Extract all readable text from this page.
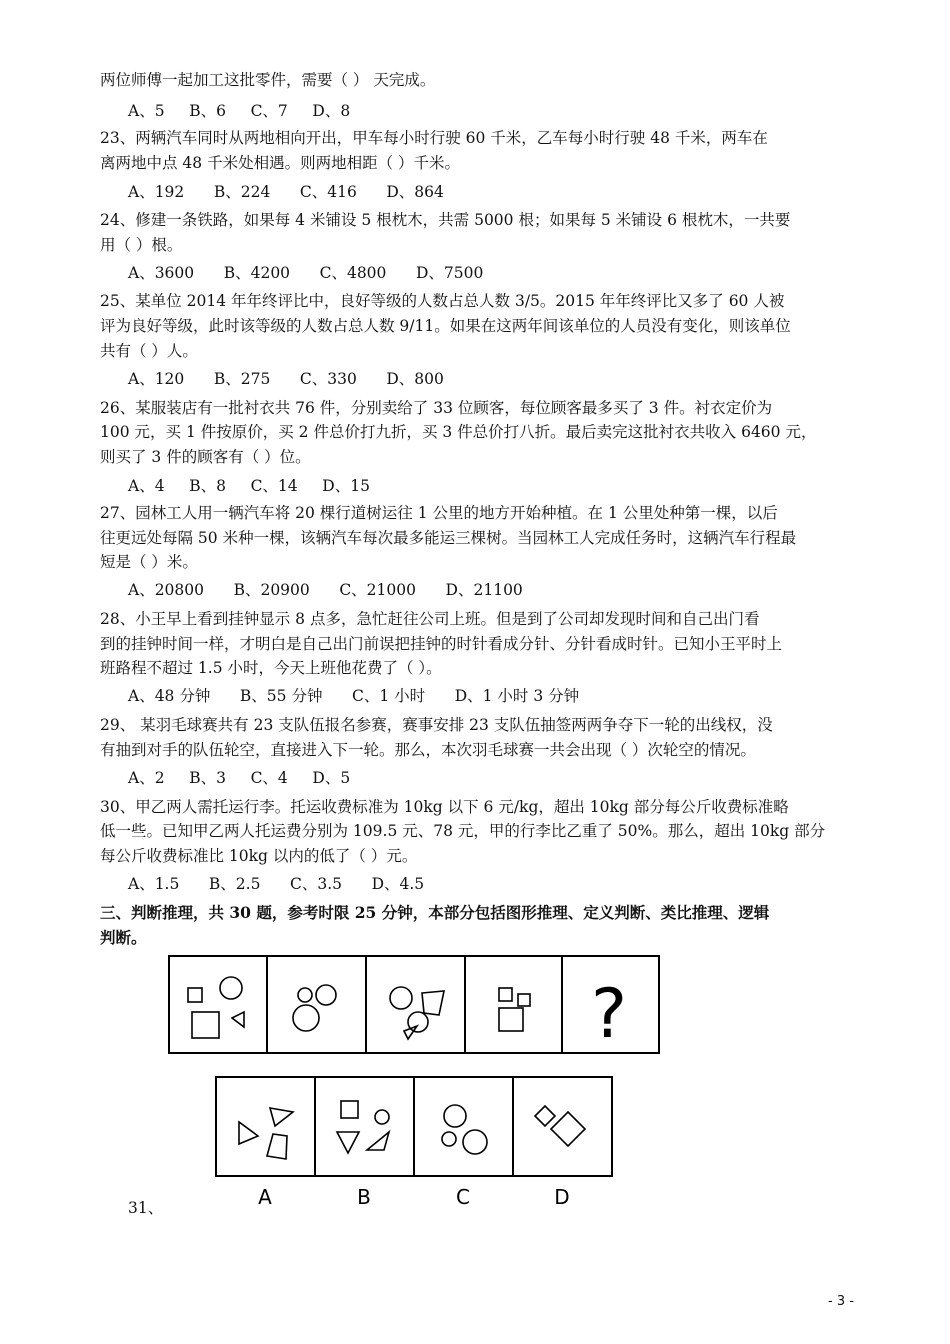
两位师傅一起加工这批零件，需要（ ） 天完成。
A、5     B、6     C、7     D、8
23、两辆汽车同时从两地相向开出，甲车每小时行驶 60 千米，乙车每小时行驶 48 千米，两车在
离两地中点 48 千米处相遇。则两地相距（ ）千米。
A、192      B、224      C、416      D、864
24、修建一条铁路，如果每 4 米铺设 5 根枕木，共需 5000 根；如果每 5 米铺设 6 根枕木，一共要
用（ ）根。
A、3600      B、4200      C、4800      D、7500
25、某单位 2014 年年终评比中，良好等级的人数占总人数 3/5。2015 年年终评比又多了 60 人被
评为良好等级，此时该等级的人数占总人数 9/11。如果在这两年间该单位的人员没有变化，则该单位
共有（ ）人。
A、120      B、275      C、330      D、800
26、某服装店有一批衬衣共 76 件，分别卖给了 33 位顾客，每位顾客最多买了 3 件。衬衣定价为
100 元，买 1 件按原价，买 2 件总价打九折，买 3 件总价打八折。最后卖完这批衬衣共收入 6460 元，
则买了 3 件的顾客有（ ）位。
A、4     B、8     C、14     D、15
27、园林工人用一辆汽车将 20 棵行道树运往 1 公里的地方开始种植。在 1 公里处种第一棵，以后
往更远处每隔 50 米种一棵，该辆汽车每次最多能运三棵树。当园林工人完成任务时，这辆汽车行程最
短是（ ）米。
A、20800      B、20900      C、21000      D、21100
28、小王早上看到挂钟显示 8 点多，急忙赶往公司上班。但是到了公司却发现时间和自己出门看
到的挂钟时间一样，才明白是自己出门前误把挂钟的时针看成分针、分针看成时针。已知小王平时上
班路程不超过 1.5 小时，今天上班他花费了（ ）。
A、48 分钟      B、55 分钟      C、1 小时      D、1 小时 3 分钟
29、 某羽毛球赛共有 23 支队伍报名参赛，赛事安排 23 支队伍抽签两两争夺下一轮的出线权，没
有抽到对手的队伍轮空，直接进入下一轮。那么，本次羽毛球赛一共会出现（ ）次轮空的情况。
A、2     B、3     C、4     D、5
30、甲乙两人需托运行李。托运收费标准为 10kg 以下 6 元/kg，超出 10kg 部分每公斤收费标准略
低一些。已知甲乙两人托运费分别为 109.5 元、78 元，甲的行李比乙重了 50%。那么，超出 10kg 部分
每公斤收费标准比 10kg 以内的低了（ ）元。
A、1.5      B、2.5      C、3.5      D、4.5
三、判断推理，共 30 题，参考时限 25 分钟，本部分包括图形推理、定义判断、类比推理、逻辑
判断。
?
A	B	C	D
31、
- 3 -
